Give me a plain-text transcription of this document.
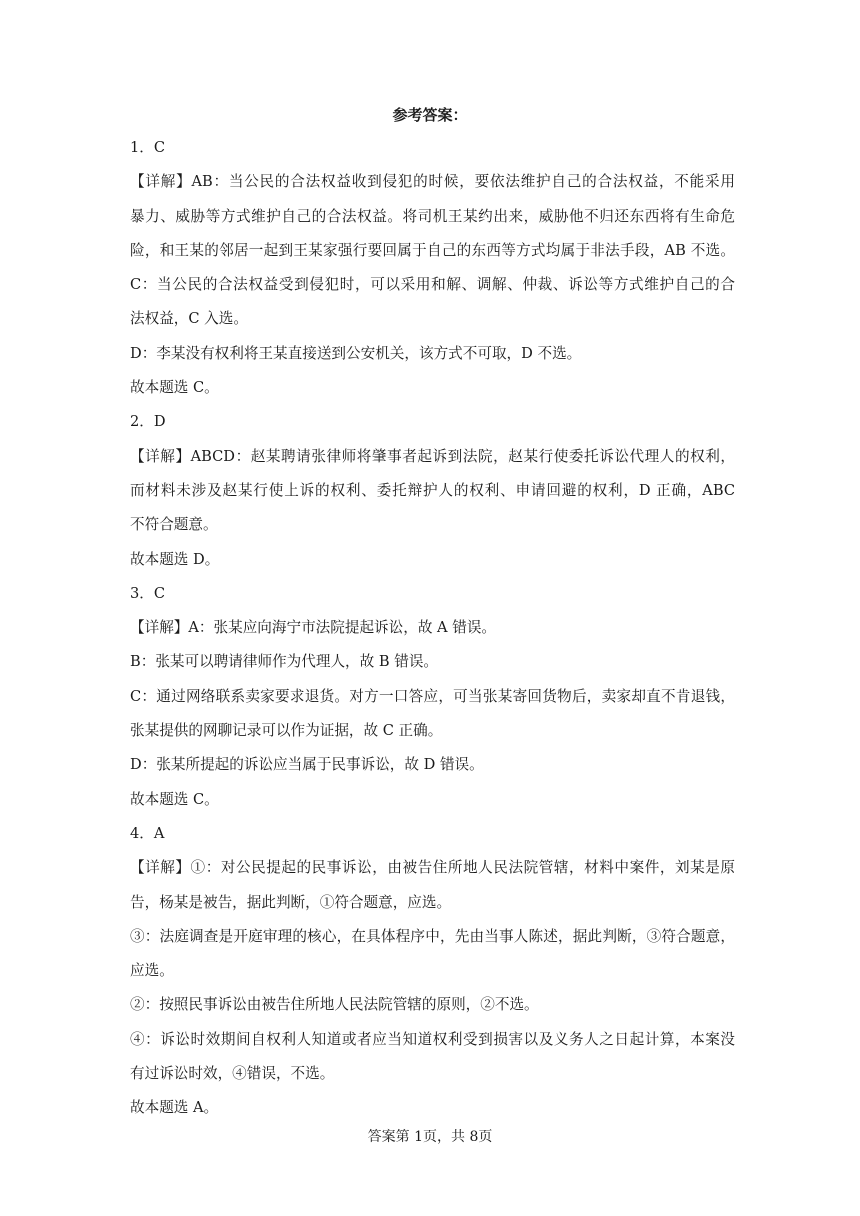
参考答案：
1．C
【详解】AB：当公民的合法权益收到侵犯的时候，要依法维护自己的合法权益，不能采用
暴力、威胁等方式维护自己的合法权益。将司机王某约出来，威胁他不归还东西将有生命危
险，和王某的邻居一起到王某家强行要回属于自己的东西等方式均属于非法手段，AB 不选。
C：当公民的合法权益受到侵犯时，可以采用和解、调解、仲裁、诉讼等方式维护自己的合
法权益，C 入选。
D：李某没有权利将王某直接送到公安机关，该方式不可取，D 不选。
故本题选 C。
2．D
【详解】ABCD：赵某聘请张律师将肇事者起诉到法院，赵某行使委托诉讼代理人的权利，
而材料未涉及赵某行使上诉的权利、委托辩护人的权利、申请回避的权利，D 正确，ABC
不符合题意。
故本题选 D。
3．C
【详解】A：张某应向海宁市法院提起诉讼，故 A 错误。
B：张某可以聘请律师作为代理人，故 B 错误。
C：通过网络联系卖家要求退货。对方一口答应，可当张某寄回货物后，卖家却直不肯退钱，
张某提供的网聊记录可以作为证据，故 C 正确。
D：张某所提起的诉讼应当属于民事诉讼，故 D 错误。
故本题选 C。
4．A
【详解】①：对公民提起的民事诉讼，由被告住所地人民法院管辖，材料中案件，刘某是原
告，杨某是被告，据此判断，①符合题意，应选。
③：法庭调查是开庭审理的核心，在具体程序中，先由当事人陈述，据此判断，③符合题意，
应选。
②：按照民事诉讼由被告住所地人民法院管辖的原则，②不选。
④：诉讼时效期间自权利人知道或者应当知道权利受到损害以及义务人之日起计算，本案没
有过诉讼时效，④错误，不选。
故本题选 A。
答案第 1页，共 8页
